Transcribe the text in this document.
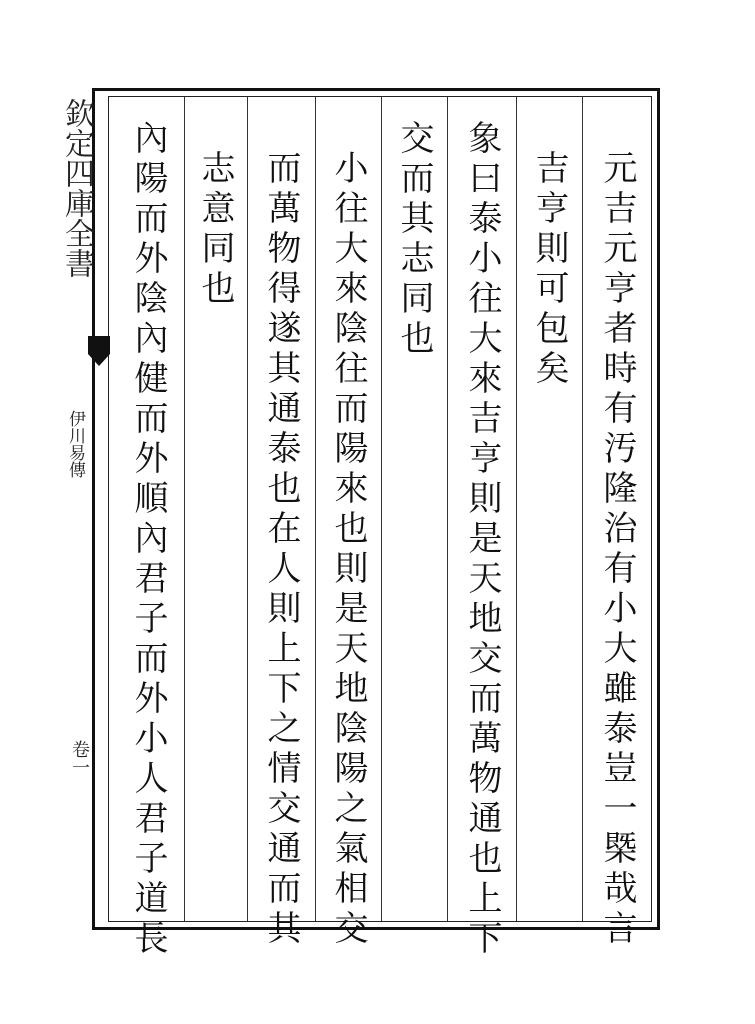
欽定四庫全書
伊川易傳
卷一	元吉元亨者時有汚隆治有小大雖泰豈一槩哉言
吉亨則可包矣
象曰泰小往大來吉亨則是天地交而萬物通也上下
交而其志同也
小往大來陰往而陽來也則是天地陰陽之氣相交
而萬物得遂其通泰也在人則上下之情交通而其
志意同也
內陽而外陰內健而外順內君子而外小人君子道長
